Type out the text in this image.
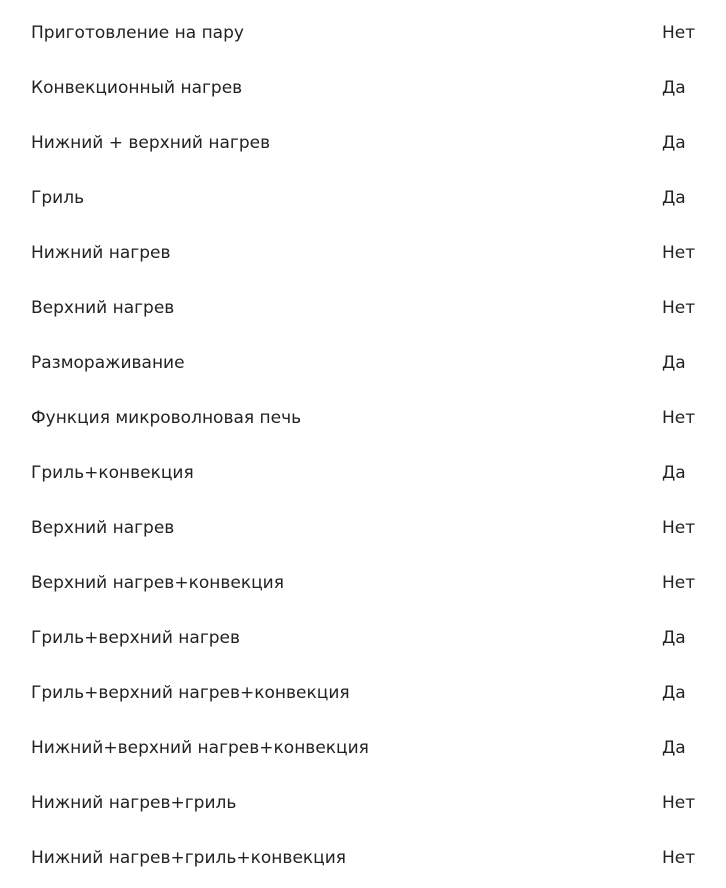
Приготовление на пару	Нет
Конвекционный нагрев	Да
Нижний + верхний нагрев	Да
Гриль	Да
Нижний нагрев	Нет
Верхний нагрев	Нет
Размораживание	Да
Функция микроволновая печь	Нет
Гриль+конвекция	Да
Верхний нагрев	Нет
Верхний нагрев+конвекция	Нет
Гриль+верхний нагрев	Да
Гриль+верхний нагрев+конвекция	Да
Нижний+верхний нагрев+конвекция	Да
Нижний нагрев+гриль	Нет
Нижний нагрев+гриль+конвекция	Нет
